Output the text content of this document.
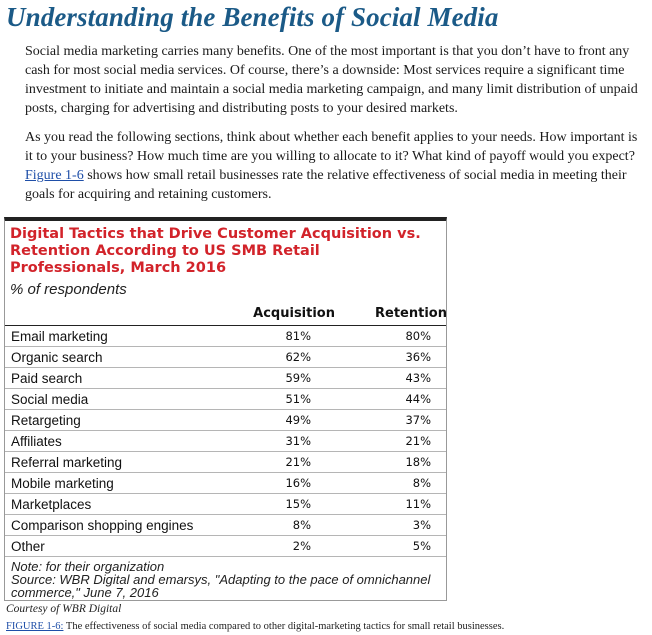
Understanding the Benefits of Social Media

Social media marketing carries many benefits. One of the most important is that you don’t have to front any cash for most social media services. Of course, there’s a downside: Most services require a significant time investment to initiate and maintain a social media marketing campaign, and many limit distribution of unpaid posts, charging for advertising and distributing posts to your desired markets.

As you read the following sections, think about whether each benefit applies to your needs. How important is it to your business? How much time are you willing to allocate to it? What kind of payoff would you expect? Figure 1-6 shows how small retail businesses rate the relative effectiveness of social media in meeting their goals for acquiring and retaining customers.

Digital Tactics that Drive Customer Acquisition vs. Retention According to US SMB Retail Professionals, March 2016

% of respondents
Acquisition	Retention
Email marketing	81%	80%
Organic search	62%	36%
Paid search	59%	43%
Social media	51%	44%
Retargeting	49%	37%
Affiliates	31%	21%
Referral marketing	21%	18%
Mobile marketing	16%	8%
Marketplaces	15%	11%
Comparison shopping engines	8%	3%
Other	2%	5%
Note: for their organization
Source: WBR Digital and emarsys, "Adapting to the pace of omnichannel commerce," June 7, 2016
Courtesy of WBR Digital
FIGURE 1-6: The effectiveness of social media compared to other digital-marketing tactics for small retail businesses.
